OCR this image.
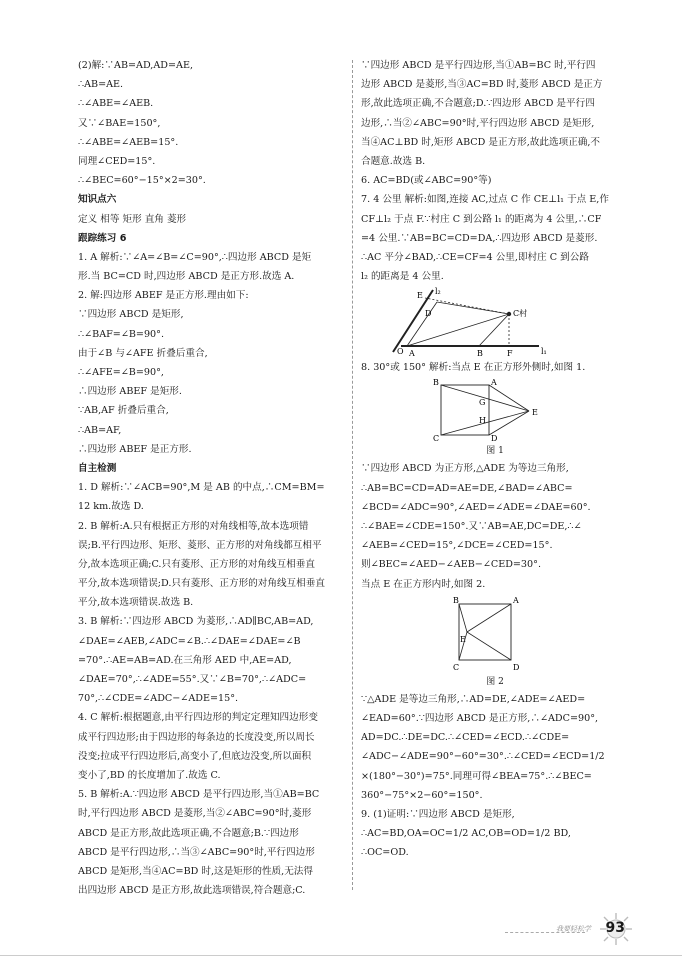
(2)解:∵AB=AD,AD=AE,
∴AB=AE.
∴∠ABE=∠AEB.
又∵∠BAE=150°,
∴∠ABE=∠AEB=15°.
同理∠CED=15°.
∴∠BEC=60°−15°×2=30°.
知识点六
定义 相等 矩形 直角 菱形
跟踪练习 6
1. A 解析:∵∠A=∠B=∠C=90°,∴四边形 ABCD 是矩
形.当 BC=CD 时,四边形 ABCD 是正方形.故选 A.
2. 解:四边形 ABEF 是正方形.理由如下:
∵四边形 ABCD 是矩形,
∴∠BAF=∠B=90°.
由于∠B 与∠AFE 折叠后重合,
∴∠AFE=∠B=90°,
∴四边形 ABEF 是矩形.
∵AB,AF 折叠后重合,
∴AB=AF,
∴四边形 ABEF 是正方形.
自主检测
1. D 解析:∵∠ACB=90°,M 是 AB 的中点,∴CM=BM=
12 km.故选 D.
2. B 解析:A.只有根据正方形的对角线相等,故本选项错
误;B.平行四边形、矩形、菱形、正方形的对角线都互相平
分,故本选项正确;C.只有菱形、正方形的对角线互相垂直
平分,故本选项错误;D.只有菱形、正方形的对角线互相垂直
平分,故本选项错误.故选 B.
3. B 解析:∵四边形 ABCD 为菱形,∴AD∥BC,AB=AD,
∠DAE=∠AEB,∠ADC=∠B.∴∠DAE=∠DAE=∠B
=70°.∴AE=AB=AD.在三角形 AED 中,AE=AD,
∠DAE=70°,∴∠ADE=55°.又∵∠B=70°,∴∠ADC=
70°,∴∠CDE=∠ADC−∠ADE=15°.
4. C 解析:根据题意,由平行四边形的判定定理知四边形变
成平行四边形;由于四边形的每条边的长度没变,所以周长
没变;拉成平行四边形后,高变小了,但底边没变,所以面积
变小了,BD 的长度增加了.故选 C.
5. B 解析:A.∵四边形 ABCD 是平行四边形,当①AB=BC
时,平行四边形 ABCD 是菱形,当②∠ABC=90°时,菱形
ABCD 是正方形,故此选项正确,不合题意;B.∵四边形
ABCD 是平行四边形,∴当③∠ABC=90°时,平行四边形
ABCD 是矩形,当④AC=BD 时,这是矩形的性质,无法得
出四边形 ABCD 是正方形,故此选项错误,符合题意;C.
∵四边形 ABCD 是平行四边形,当①AB=BC 时,平行四
边形 ABCD 是菱形,当③AC=BD 时,菱形 ABCD 是正方
形,故此选项正确,不合题意;D.∵四边形 ABCD 是平行四
边形,∴当②∠ABC=90°时,平行四边形 ABCD 是矩形,
当④AC⊥BD 时,矩形 ABCD 是正方形,故此选项正确,不
合题意.故选 B.
6. AC=BD(或∠ABC=90°等)
7. 4 公里 解析:如图,连接 AC,过点 C 作 CE⊥l₁ 于点 E,作
CF⊥l₂ 于点 F.∵村庄 C 到公路 l₁ 的距离为 4 公里,∴CF
=4 公里.∵AB=BC=CD=DA,∴四边形 ABCD 是菱形.
∴AC 平分∠BAD,∴CE=CF=4 公里,即村庄 C 到公路
l₂ 的距离是 4 公里.
E l₂
D	C村
O A	B	F	l₁
8. 30°或 150° 解析:当点 E 在正方形外侧时,如图 1.
B	A
G
E
H
C	D
图 1
∵四边形 ABCD 为正方形,△ADE 为等边三角形,
∴AB=BC=CD=AD=AE=DE,∠BAD=∠ABC=
∠BCD=∠ADC=90°,∠AED=∠ADE=∠DAE=60°.
∴∠BAE=∠CDE=150°.又∵AB=AE,DC=DE,∴∠
∠AEB=∠CED=15°,∠DCE=∠CED=15°.
则∠BEC=∠AED−∠AEB−∠CED=30°.
当点 E 在正方形内时,如图 2.
B	A
E
C	D
图 2
∵△ADE 是等边三角形,∴AD=DE,∠ADE=∠AED=
∠EAD=60°.∵四边形 ABCD 是正方形,∴∠ADC=90°,
AD=DC.∴DE=DC.∴∠CED=∠ECD.∴∠CDE=
∠ADC−∠ADE=90°−60°=30°.∴∠CED=∠ECD=1/2
×(180°−30°)=75°.同理可得∠BEA=75°.∴∠BEC=
360°−75°×2−60°=150°.
9. (1)证明:∵四边形 ABCD 是矩形,
∴AC=BD,OA=OC=1/2 AC,OB=OD=1/2 BD,
∴OC=OD.
我要轻松学 93
